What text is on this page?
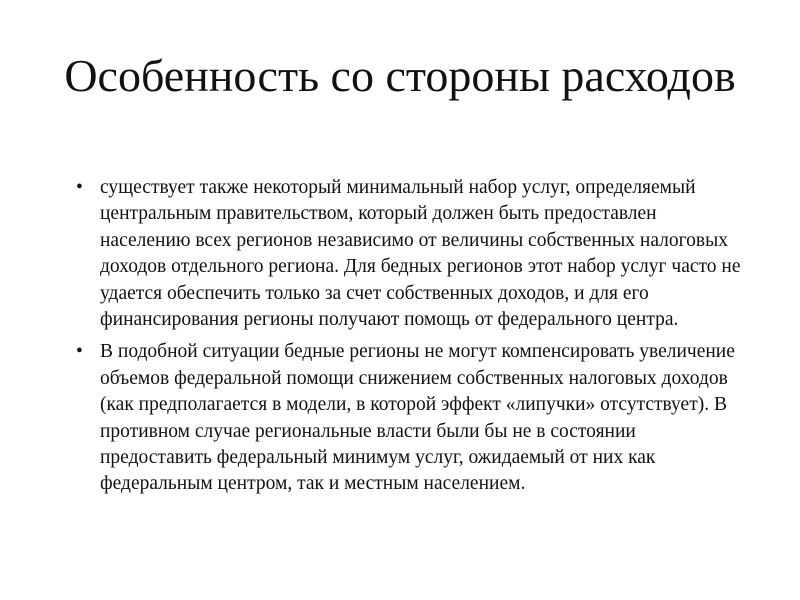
Особенность со стороны расходов
• существует также некоторый минимальный набор услуг, определяемый центральным правительством, который должен быть предоставлен населению всех регионов независимо от величины собственных налоговых доходов отдельного региона. Для бедных регионов этот набор услуг часто не удается обеспечить только за счет собственных доходов, и для его финансирования регионы получают помощь от федерального центра.
• В подобной ситуации бедные регионы не могут компенсировать увеличение объемов федеральной помощи снижением собственных налоговых доходов (как предполагается в модели, в которой эффект «липучки» отсутствует). В противном случае региональные власти были бы не в состоянии предоставить федеральный минимум услуг, ожидаемый от них как федеральным центром, так и местным населением.
